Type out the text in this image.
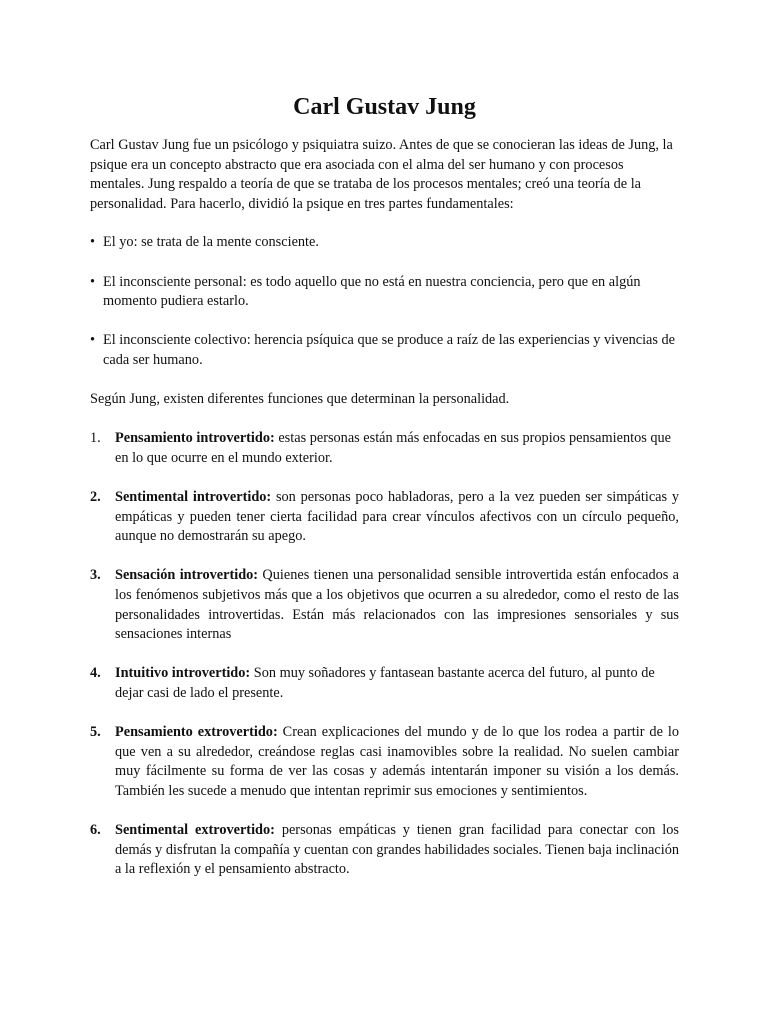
Carl Gustav Jung

Carl Gustav Jung fue un psicólogo y psiquiatra suizo. Antes de que se conocieran las ideas de Jung, la psique era un concepto abstracto que era asociada con el alma del ser humano y con procesos mentales. Jung respaldo a teoría de que se trataba de los procesos mentales; creó una teoría de la personalidad. Para hacerlo, dividió la psique en tres partes fundamentales:

• El yo: se trata de la mente consciente.
• El inconsciente personal: es todo aquello que no está en nuestra conciencia, pero que en algún momento pudiera estarlo.
• El inconsciente colectivo: herencia psíquica que se produce a raíz de las experiencias y vivencias de cada ser humano.

Según Jung, existen diferentes funciones que determinan la personalidad.

1. Pensamiento introvertido: estas personas están más enfocadas en sus propios pensamientos que en lo que ocurre en el mundo exterior.
2. Sentimental introvertido: son personas poco habladoras, pero a la vez pueden ser simpáticas y empáticas y pueden tener cierta facilidad para crear vínculos afectivos con un círculo pequeño, aunque no demostrarán su apego.
3. Sensación introvertido: Quienes tienen una personalidad sensible introvertida están enfocados a los fenómenos subjetivos más que a los objetivos que ocurren a su alrededor, como el resto de las personalidades introvertidas. Están más relacionados con las impresiones sensoriales y sus sensaciones internas
4. Intuitivo introvertido: Son muy soñadores y fantasean bastante acerca del futuro, al punto de dejar casi de lado el presente.
5. Pensamiento extrovertido: Crean explicaciones del mundo y de lo que los rodea a partir de lo que ven a su alrededor, creándose reglas casi inamovibles sobre la realidad. No suelen cambiar muy fácilmente su forma de ver las cosas y además intentarán imponer su visión a los demás. También les sucede a menudo que intentan reprimir sus emociones y sentimientos.
6. Sentimental extrovertido: personas empáticas y tienen gran facilidad para conectar con los demás y disfrutan la compañía y cuentan con grandes habilidades sociales. Tienen baja inclinación a la reflexión y el pensamiento abstracto.
